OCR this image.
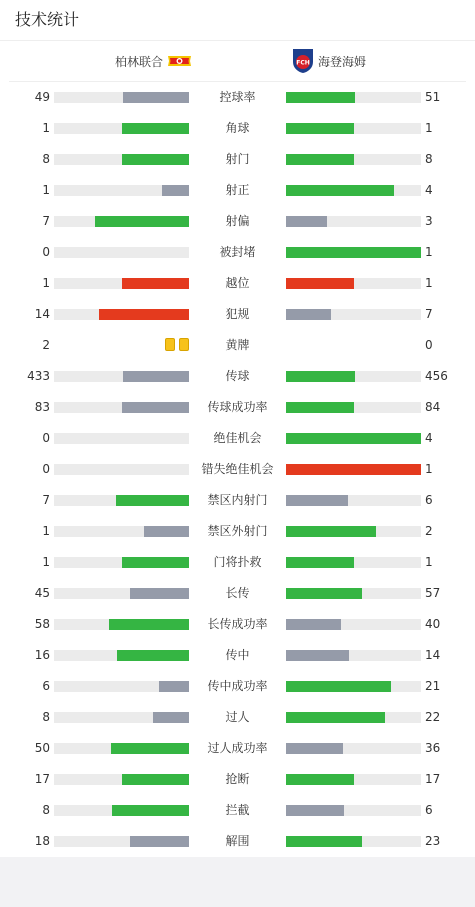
技术统计
柏林联合	FCH 海登海姆
49	控球率	51
1	角球	1
8	射门	8
1	射正	4
7	射偏	3
0	被封堵	1
1	越位	1
14	犯规	7
2	黄牌	0
433	传球	456
83	传球成功率	84
0	绝佳机会	4
0	错失绝佳机会	1
7	禁区内射门	6
1	禁区外射门	2
1	门将扑救	1
45	长传	57
58	长传成功率	40
16	传中	14
6	传中成功率	21
8	过人	22
50	过人成功率	36
17	抢断	17
8	拦截	6
18	解围	23
